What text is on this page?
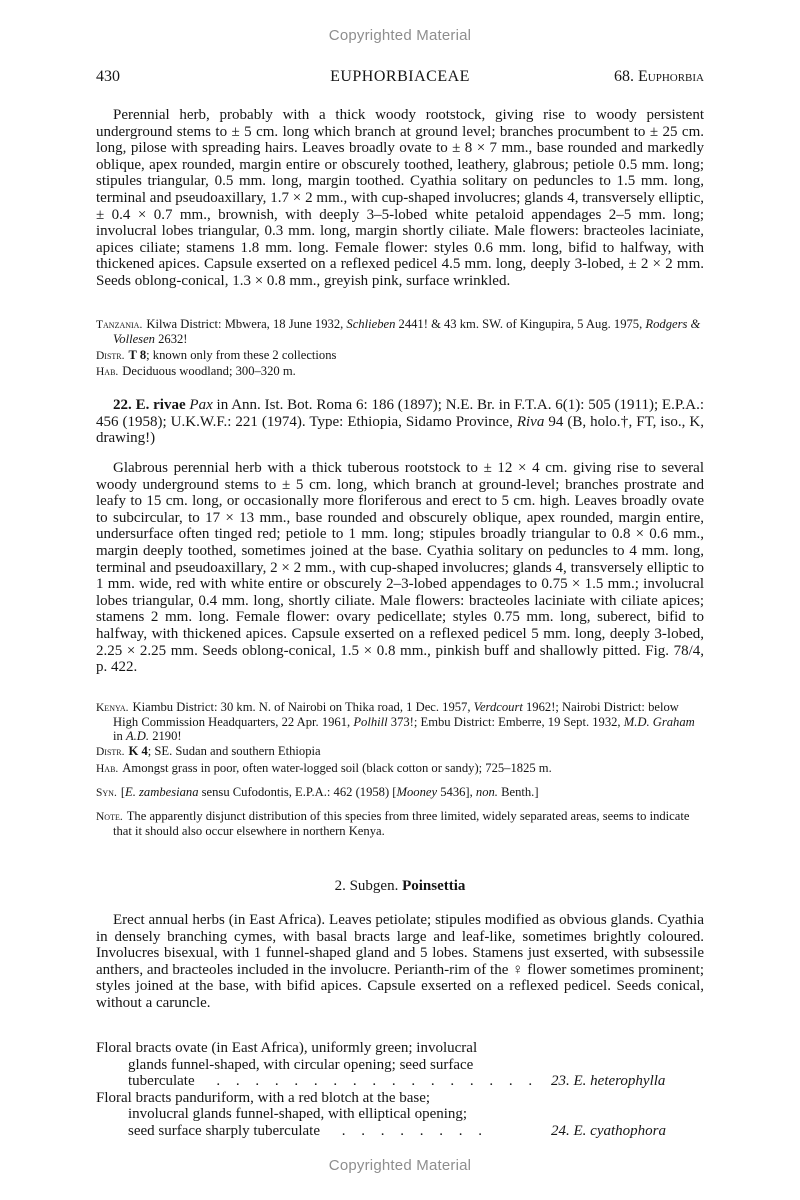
Copyrighted Material
430	EUPHORBIACEAE	68. Euphorbia

Perennial herb, probably with a thick woody rootstock, giving rise to woody persistent underground stems to ± 5 cm. long which branch at ground level; branches procumbent to ± 25 cm. long, pilose with spreading hairs. Leaves broadly ovate to ± 8 × 7 mm., base rounded and markedly oblique, apex rounded, margin entire or obscurely toothed, leathery, glabrous; petiole 0.5 mm. long; stipules triangular, 0.5 mm. long, margin toothed. Cyathia solitary on peduncles to 1.5 mm. long, terminal and pseudoaxillary, 1.7 × 2 mm., with cup-shaped involucres; glands 4, transversely elliptic, ± 0.4 × 0.7 mm., brownish, with deeply 3–5-lobed white petaloid appendages 2–5 mm. long; involucral lobes triangular, 0.3 mm. long, margin shortly ciliate. Male flowers: bracteoles laciniate, apices ciliate; stamens 1.8 mm. long. Female flower: styles 0.6 mm. long, bifid to halfway, with thickened apices. Capsule exserted on a reflexed pedicel 4.5 mm. long, deeply 3-lobed, ± 2 × 2 mm. Seeds oblong-conical, 1.3 × 0.8 mm., greyish pink, surface wrinkled.

Tanzania. Kilwa District: Mbwera, 18 June 1932, Schlieben 2441! & 43 km. SW. of Kingupira, 5 Aug. 1975, Rodgers & Vollesen 2632!

Distr. T 8; known only from these 2 collections

Hab. Deciduous woodland; 300–320 m.

22. E. rivae Pax in Ann. Ist. Bot. Roma 6: 186 (1897); N.E. Br. in F.T.A. 6(1): 505 (1911); E.P.A.: 456 (1958); U.K.W.F.: 221 (1974). Type: Ethiopia, Sidamo Province, Riva 94 (B, holo.†, FT, iso., K, drawing!)

Glabrous perennial herb with a thick tuberous rootstock to ± 12 × 4 cm. giving rise to several woody underground stems to ± 5 cm. long, which branch at ground-level; branches prostrate and leafy to 15 cm. long, or occasionally more floriferous and erect to 5 cm. high. Leaves broadly ovate to subcircular, to 17 × 13 mm., base rounded and obscurely oblique, apex rounded, margin entire, undersurface often tinged red; petiole to 1 mm. long; stipules broadly triangular to 0.8 × 0.6 mm., margin deeply toothed, sometimes joined at the base. Cyathia solitary on peduncles to 4 mm. long, terminal and pseudoaxillary, 2 × 2 mm., with cup-shaped involucres; glands 4, transversely elliptic to 1 mm. wide, red with white entire or obscurely 2–3-lobed appendages to 0.75 × 1.5 mm.; involucral lobes triangular, 0.4 mm. long, shortly ciliate. Male flowers: bracteoles laciniate with ciliate apices; stamens 2 mm. long. Female flower: ovary pedicellate; styles 0.75 mm. long, suberect, bifid to halfway, with thickened apices. Capsule exserted on a reflexed pedicel 5 mm. long, deeply 3-lobed, 2.25 × 2.25 mm. Seeds oblong-conical, 1.5 × 0.8 mm., pinkish buff and shallowly pitted. Fig. 78/4, p. 422.

Kenya. Kiambu District: 30 km. N. of Nairobi on Thika road, 1 Dec. 1957, Verdcourt 1962!; Nairobi District: below High Commission Headquarters, 22 Apr. 1961, Polhill 373!; Embu District: Emberre, 19 Sept. 1932, M.D. Graham in A.D. 2190!

Distr. K 4; SE. Sudan and southern Ethiopia

Hab. Amongst grass in poor, often water-logged soil (black cotton or sandy); 725–1825 m.

Syn. [E. zambesiana sensu Cufodontis, E.P.A.: 462 (1958) [Mooney 5436], non. Benth.]

Note. The apparently disjunct distribution of this species from three limited, widely separated areas, seems to indicate that it should also occur elsewhere in northern Kenya.

2. Subgen. Poinsettia

Erect annual herbs (in East Africa). Leaves petiolate; stipules modified as obvious glands. Cyathia in densely branching cymes, with basal bracts large and leaf-like, sometimes brightly coloured. Involucres bisexual, with 1 funnel-shaped gland and 5 lobes. Stamens just exserted, with subsessile anthers, and bracteoles included in the involucre. Perianth-rim of the ♀ flower sometimes prominent; styles joined at the base, with bifid apices. Capsule exserted on a reflexed pedicel. Seeds conical, without a caruncle.

Floral bracts ovate (in East Africa), uniformly green; involucral
glands funnel-shaped, with circular opening; seed surface
tuberculate . . . . . . . . . . . . . . . . . 23. E. heterophylla
Floral bracts panduriform, with a red blotch at the base;
involucral glands funnel-shaped, with elliptical opening;
seed surface sharply tuberculate . . . . . . . .	24. E. cyathophora
Copyrighted Material
